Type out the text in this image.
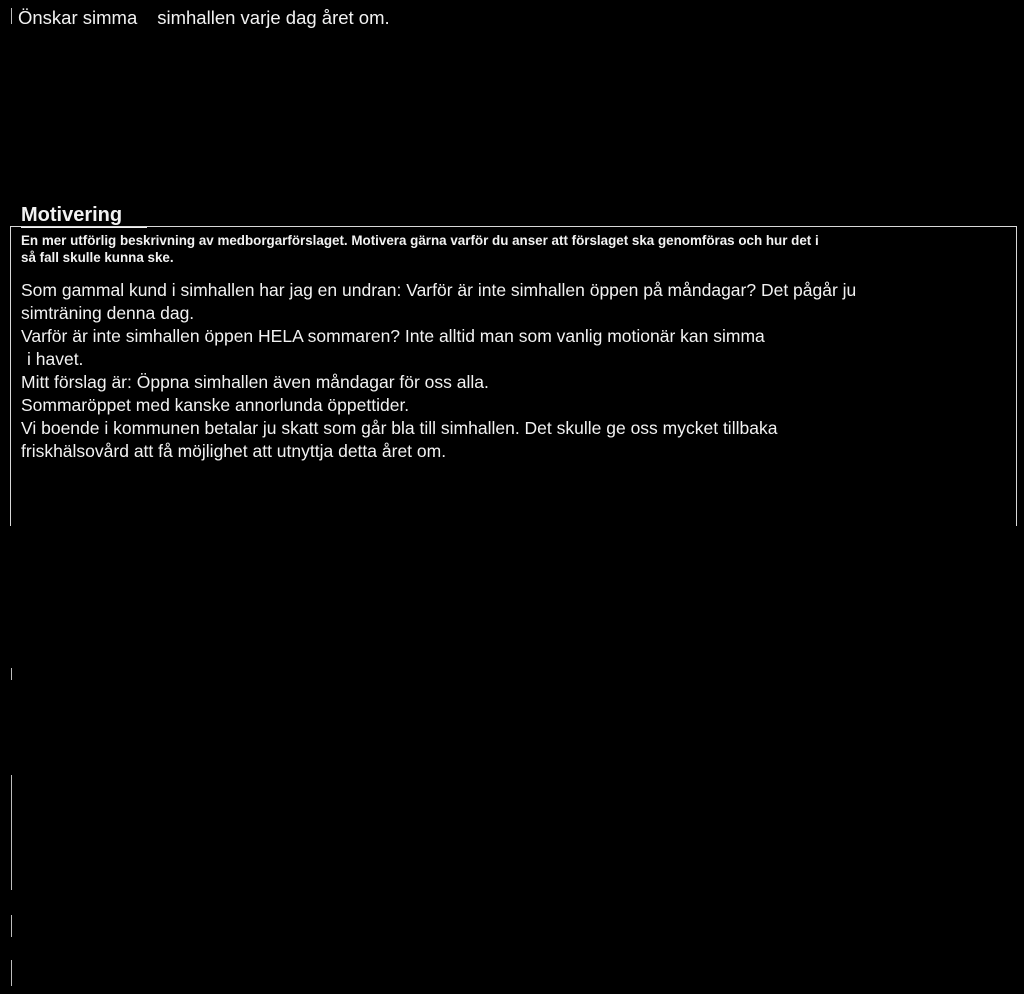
Önskar simma simhallen varje dag året om.
Motivering
En mer utförlig beskrivning av medborgarförslaget. Motivera gärna varför du anser att förslaget ska genomföras och hur det i
så fall skulle kunna ske.
Som gammal kund i simhallen har jag en undran: Varför är inte simhallen öppen på måndagar? Det pågår ju
simträning denna dag.
Varför är inte simhallen öppen HELA sommaren? Inte alltid man som vanlig motionär kan simma
i havet.
Mitt förslag är: Öppna simhallen även måndagar för oss alla.
Sommaröppet med kanske annorlunda öppettider.
Vi boende i kommunen betalar ju skatt som går bla till simhallen. Det skulle ge oss mycket tillbaka
friskhälsovård att få möjlighet att utnyttja detta året om.
